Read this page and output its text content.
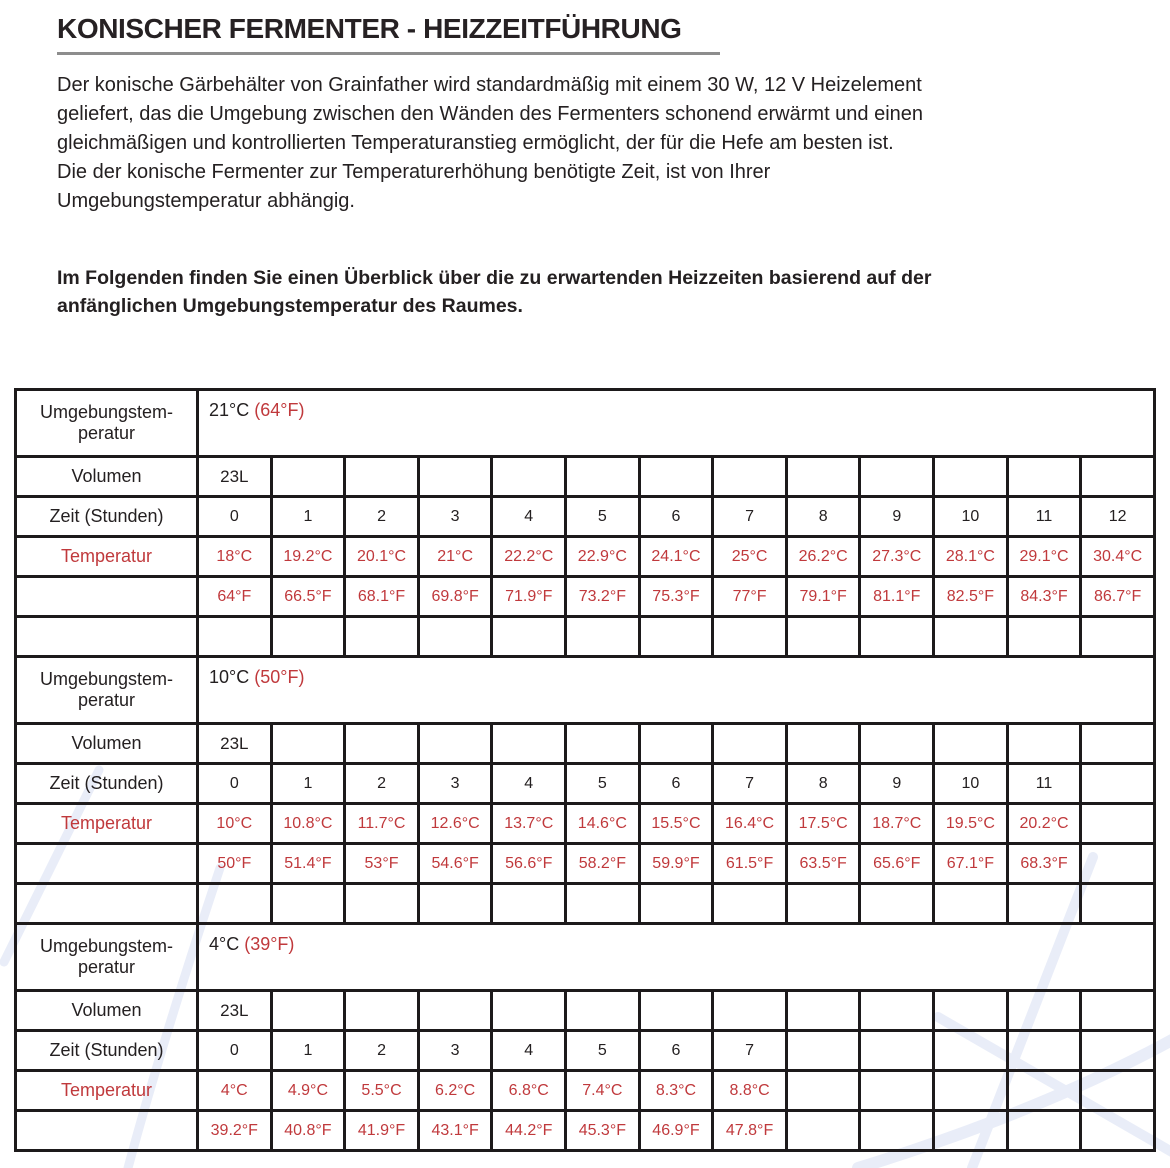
KONISCHER FERMENTER - HEIZZEITFÜHRUNG
Der konische Gärbehälter von Grainfather wird standardmäßig mit einem 30 W, 12 V Heizelement
geliefert, das die Umgebung zwischen den Wänden des Fermenters schonend erwärmt und einen
gleichmäßigen und kontrollierten Temperaturanstieg ermöglicht, der für die Hefe am besten ist.
Die der konische Fermenter zur Temperaturerhöhung benötigte Zeit, ist von Ihrer
Umgebungstemperatur abhängig.
Im Folgenden finden Sie einen Überblick über die zu erwartenden Heizzeiten basierend auf der
anfänglichen Umgebungstemperatur des Raumes.
Umgebungstem-
peratur	21°C (64°F)												
Volumen	23L												
Zeit (Stunden)	0	1	2	3	4	5	6	7	8	9	10	11	12
Temperatur	18°C	19.2°C	20.1°C	21°C	22.2°C	22.9°C	24.1°C	25°C	26.2°C	27.3°C	28.1°C	29.1°C	30.4°C
	64°F	66.5°F	68.1°F	69.8°F	71.9°F	73.2°F	75.3°F	77°F	79.1°F	81.1°F	82.5°F	84.3°F	86.7°F

Umgebungstem-
peratur	10°C (50°F)												
Volumen	23L												
Zeit (Stunden)	0	1	2	3	4	5	6	7	8	9	10	11	
Temperatur	10°C	10.8°C	11.7°C	12.6°C	13.7°C	14.6°C	15.5°C	16.4°C	17.5°C	18.7°C	19.5°C	20.2°C	
	50°F	51.4°F	53°F	54.6°F	56.6°F	58.2°F	59.9°F	61.5°F	63.5°F	65.6°F	67.1°F	68.3°F	

Umgebungstem-
peratur	4°C (39°F)												
Volumen	23L												
Zeit (Stunden)	0	1	2	3	4	5	6	7					
Temperatur	4°C	4.9°C	5.5°C	6.2°C	6.8°C	7.4°C	8.3°C	8.8°C					
	39.2°F	40.8°F	41.9°F	43.1°F	44.2°F	45.3°F	46.9°F	47.8°F					
